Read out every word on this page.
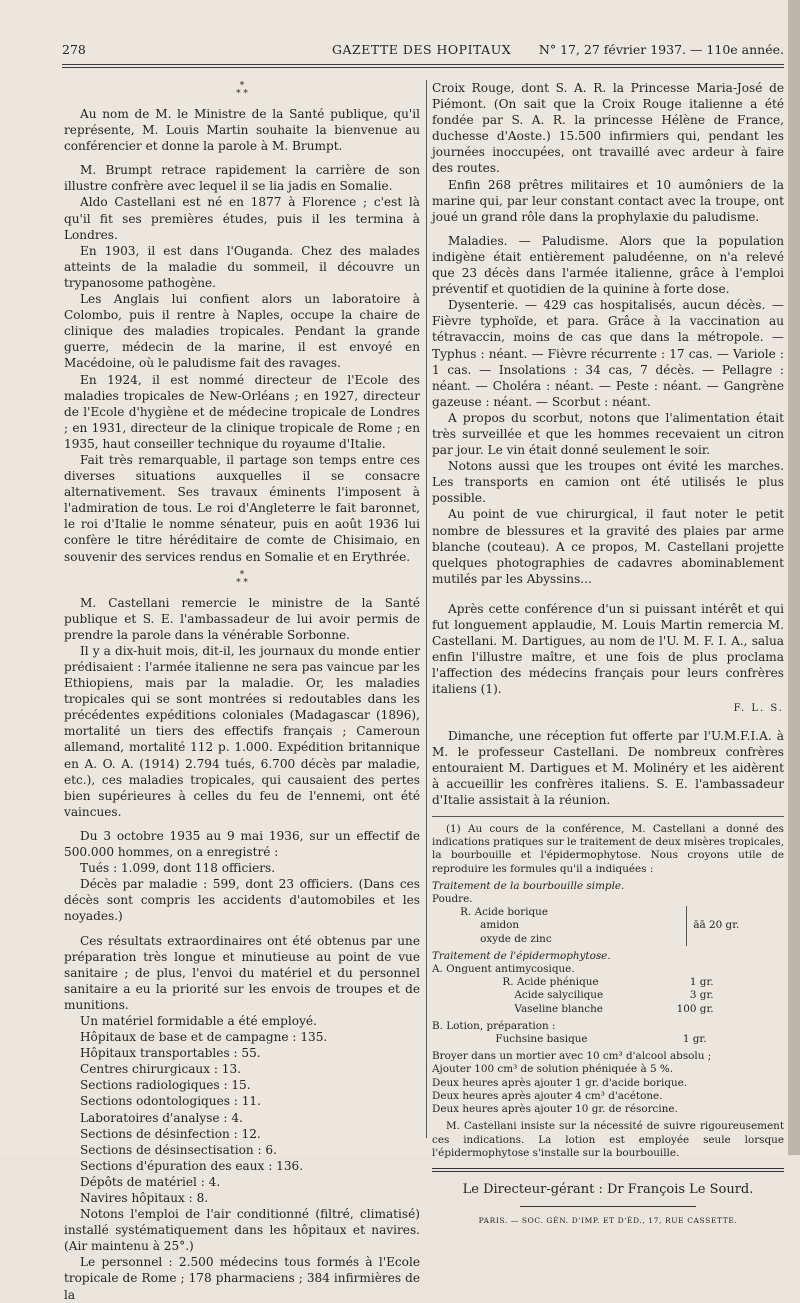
278	GAZETTE DES HOPITAUX N° 17, 27 février 1937. — 110e année.
*
* *

Au nom de M. le Ministre de la Santé publique, qu'il représente, M. Louis Martin souhaite la bienvenue au conférencier et donne la parole à M. Brumpt.

M. Brumpt retrace rapidement la carrière de son illustre confrère avec lequel il se lia jadis en Somalie.

Aldo Castellani est né en 1877 à Florence ; c'est là qu'il fit ses premières études, puis il les termina à Londres.

En 1903, il est dans l'Ouganda. Chez des malades atteints de la maladie du sommeil, il découvre un trypanosome pathogène.

Les Anglais lui confient alors un laboratoire à Colombo, puis il rentre à Naples, occupe la chaire de clinique des maladies tropicales. Pendant la grande guerre, médecin de la marine, il est envoyé en Macédoine, où le paludisme fait des ravages.

En 1924, il est nommé directeur de l'Ecole des maladies tropicales de New-Orléans ; en 1927, directeur de l'Ecole d'hygiène et de médecine tropicale de Londres ; en 1931, directeur de la clinique tropicale de Rome ; en 1935, haut conseiller technique du royaume d'Italie.

Fait très remarquable, il partage son temps entre ces diverses situations auxquelles il se consacre alternativement. Ses travaux éminents l'imposent à l'admiration de tous. Le roi d'Angleterre le fait baronnet, le roi d'Italie le nomme sénateur, puis en août 1936 lui confère le titre héréditaire de comte de Chisimaio, en souvenir des services rendus en Somalie et en Erythrée.

*
* *

M. Castellani remercie le ministre de la Santé publique et S. E. l'ambassadeur de lui avoir permis de prendre la parole dans la vénérable Sorbonne.

Il y a dix-huit mois, dit-il, les journaux du monde entier prédisaient : l'armée italienne ne sera pas vaincue par les Ethiopiens, mais par la maladie. Or, les maladies tropicales qui se sont montrées si redoutables dans les précédentes expéditions coloniales (Madagascar (1896), mortalité un tiers des effectifs français ; Cameroun allemand, mortalité 112 p. 1.000. Expédition britannique en A. O. A. (1914) 2.794 tués, 6.700 décès par maladie, etc.), ces maladies tropicales, qui causaient des pertes bien supérieures à celles du feu de l'ennemi, ont été vaincues.

Du 3 octobre 1935 au 9 mai 1936, sur un effectif de 500.000 hommes, on a enregistré :

Tués : 1.099, dont 118 officiers.

Décès par maladie : 599, dont 23 officiers. (Dans ces décès sont compris les accidents d'automobiles et les noyades.)

Ces résultats extraordinaires ont été obtenus par une préparation très longue et minutieuse au point de vue sanitaire ; de plus, l'envoi du matériel et du personnel sanitaire a eu la priorité sur les envois de troupes et de munitions.

Un matériel formidable a été employé.

Hôpitaux de base et de campagne : 135.

Hôpitaux transportables : 55.

Centres chirurgicaux : 13.

Sections radiologiques : 15.

Sections odontologiques : 11.

Laboratoires d'analyse : 4.

Sections de désinfection : 12.

Sections de désinsectisation : 6.

Sections d'épuration des eaux : 136.

Dépôts de matériel : 4.

Navires hôpitaux : 8.

Notons l'emploi de l'air conditionné (filtré, climatisé) installé systématiquement dans les hôpitaux et navires. (Air maintenu à 25°.)

Le personnel : 2.500 médecins tous formés à l'Ecole tropicale de Rome ; 178 pharmaciens ; 384 infirmières de la

Croix Rouge, dont S. A. R. la Princesse Maria-José de Piémont. (On sait que la Croix Rouge italienne a été fondée par S. A. R. la princesse Hélène de France, duchesse d'Aoste.) 15.500 infirmiers qui, pendant les journées inoccupées, ont travaillé avec ardeur à faire des routes.

Enfin 268 prêtres militaires et 10 aumôniers de la marine qui, par leur constant contact avec la troupe, ont joué un grand rôle dans la prophylaxie du paludisme.

Maladies. — Paludisme. Alors que la population indigène était entièrement paludéenne, on n'a relevé que 23 décès dans l'armée italienne, grâce à l'emploi préventif et quotidien de la quinine à forte dose.

Dysenterie. — 429 cas hospitalisés, aucun décès. — Fièvre typhoïde, et para. Grâce à la vaccination au tétravaccin, moins de cas que dans la métropole. — Typhus : néant. — Fièvre récurrente : 17 cas. — Variole : 1 cas. — Insolations : 34 cas, 7 décès. — Pellagre : néant. — Choléra : néant. — Peste : néant. — Gangrène gazeuse : néant. — Scorbut : néant.

A propos du scorbut, notons que l'alimentation était très surveillée et que les hommes recevaient un citron par jour. Le vin était donné seulement le soir.

Notons aussi que les troupes ont évité les marches. Les transports en camion ont été utilisés le plus possible.

Au point de vue chirurgical, il faut noter le petit nombre de blessures et la gravité des plaies par arme blanche (couteau). A ce propos, M. Castellani projette quelques photographies de cadavres abominablement mutilés par les Abyssins...

Après cette conférence d'un si puissant intérêt et qui fut longuement applaudie, M. Louis Martin remercia M. Castellani. M. Dartigues, au nom de l'U. M. F. I. A., salua enfin l'illustre maître, et une fois de plus proclama l'affection des médecins français pour leurs confrères italiens (1).

F. L. S.

Dimanche, une réception fut offerte par l'U.M.F.I.A. à M. le professeur Castellani. De nombreux confrères entouraient M. Dartigues et M. Molinéry et les aidèrent à accueillir les confrères italiens. S. E. l'ambassadeur d'Italie assistait à la réunion.

(1) Au cours de la conférence, M. Castellani a donné des indications pratiques sur le traitement de deux misères tropicales, la bourbouille et l'épidermophytose. Nous croyons utile de reproduire les formules qu'il a indiquées :

Traitement de la bourbouille simple.
Poudre.
R. Acide borique
amidon
oxyde de zinc
	āā 20 gr.
Traitement de l'épidermophytose.
A. Onguent antimycosique.
R. Acide phénique	1 gr.
Acide salycilique	3 gr.
Vaseline blanche	100 gr.
B. Lotion, préparation :
Fuchsine basique	1 gr.
Broyer dans un mortier avec 10 cm³ d'alcool absolu ;
Ajouter 100 cm³ de solution phéniquée à 5 %.
Deux heures après ajouter 1 gr. d'acide borique.
Deux heures après ajouter 4 cm³ d'acétone.
Deux heures après ajouter 10 gr. de résorcine.

M. Castellani insiste sur la nécessité de suivre rigoureusement ces indications. La lotion est employée seule lorsque l'épidermophytose s'installe sur la bourbouille.

Le Directeur-gérant : Dr François Le Sourd.
PARIS. — SOC. GÉN. D'IMP. ET D'ÉD., 17, RUE CASSETTE.
